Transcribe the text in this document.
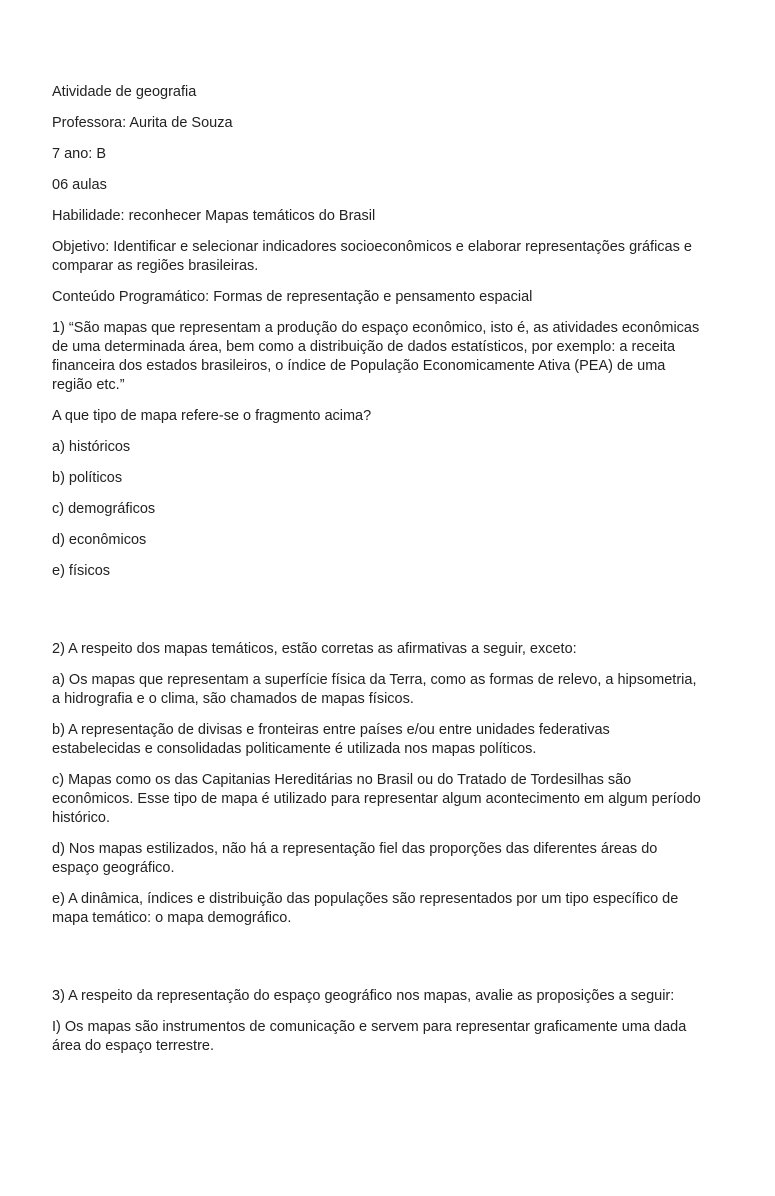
Atividade de geografia
Professora: Aurita de Souza
7 ano: B
06 aulas
Habilidade: reconhecer Mapas temáticos do Brasil
Objetivo: Identificar e selecionar indicadores socioeconômicos e elaborar representações gráficas e comparar as regiões brasileiras.
Conteúdo Programático: Formas de representação e pensamento espacial
1) “São mapas que representam a produção do espaço econômico, isto é, as atividades econômicas de uma determinada área, bem como a distribuição de dados estatísticos, por exemplo: a receita financeira dos estados brasileiros, o índice de População Economicamente Ativa (PEA) de uma região etc.”
A que tipo de mapa refere-se o fragmento acima?
a) históricos
b) políticos
c) demográficos
d) econômicos
e) físicos
2) A respeito dos mapas temáticos, estão corretas as afirmativas a seguir, exceto:
a) Os mapas que representam a superfície física da Terra, como as formas de relevo, a hipsometria, a hidrografia e o clima, são chamados de mapas físicos.
b) A representação de divisas e fronteiras entre países e/ou entre unidades federativas estabelecidas e consolidadas politicamente é utilizada nos mapas políticos.
c) Mapas como os das Capitanias Hereditárias no Brasil ou do Tratado de Tordesilhas são econômicos. Esse tipo de mapa é utilizado para representar algum acontecimento em algum período histórico.
d) Nos mapas estilizados, não há a representação fiel das proporções das diferentes áreas do espaço geográfico.
e) A dinâmica, índices e distribuição das populações são representados por um tipo específico de mapa temático: o mapa demográfico.
3) A respeito da representação do espaço geográfico nos mapas, avalie as proposições a seguir:
I) Os mapas são instrumentos de comunicação e servem para representar graficamente uma dada área do espaço terrestre.
